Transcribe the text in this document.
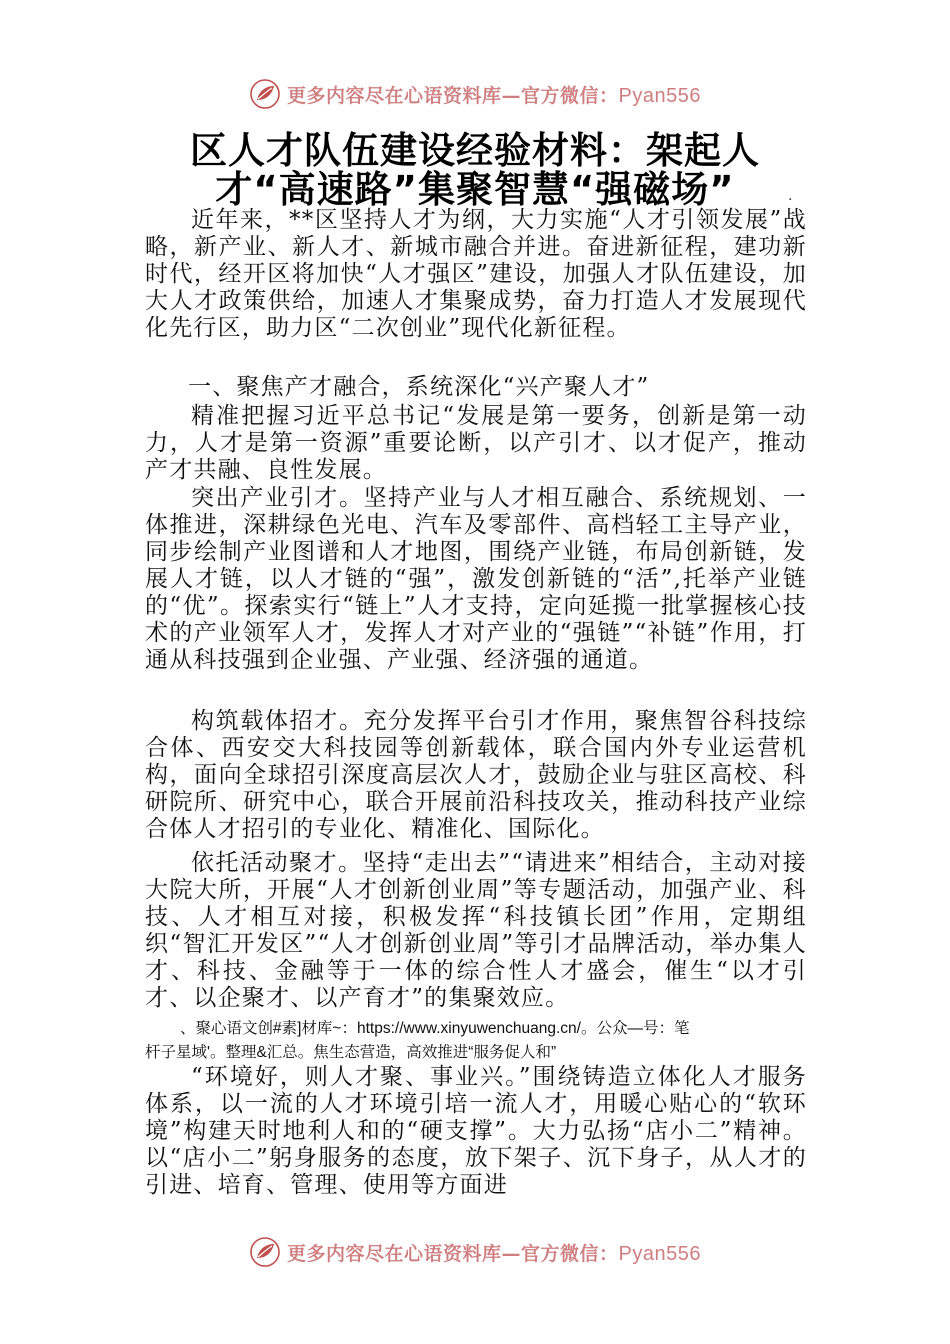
更多内容尽在心语资料库—官方微信：Pyan556
区人才队伍建设经验材料：架起人
才“高速路”集聚智慧“强磁场”	.

近年来，**区坚持人才为纲，大力实施“人才引领发展”战略，新产业、新人才、新城市融合并进。奋进新征程，建功新时代，经开区将加快“人才强区”建设，加强人才队伍建设，加大人才政策供给，加速人才集聚成势，奋力打造人才发展现代化先行区，助力区“二次创业”现代化新征程。

一、聚焦产才融合，系统深化“兴产聚人才”

精准把握习近平总书记“发展是第一要务，创新是第一动力，人才是第一资源”重要论断，以产引才、以才促产，推动产才共融、良性发展。

突出产业引才。坚持产业与人才相互融合、系统规划、一体推进，深耕绿色光电、汽车及零部件、高档轻工主导产业，同步绘制产业图谱和人才地图，围绕产业链，布局创新链，发展人才链，以人才链的“强”，激发创新链的“活”,托举产业链的“优”。探索实行“链上”人才支持，定向延揽一批掌握核心技术的产业领军人才，发挥人才对产业的“强链”“补链”作用，打通从科技强到企业强、产业强、经济强的通道。

构筑载体招才。充分发挥平台引才作用，聚焦智谷科技综合体、西安交大科技园等创新载体，联合国内外专业运营机构，面向全球招引深度高层次人才，鼓励企业与驻区高校、科研院所、研究中心，联合开展前沿科技攻关，推动科技产业综合体人才招引的专业化、精准化、国际化。

依托活动聚才。坚持“走出去”“请进来”相结合，主动对接大院大所，开展“人才创新创业周”等专题活动，加强产业、科技、人才相互对接，积极发挥“科技镇长团”作用，定期组织“智汇开发区”“人才创新创业周”等引才品牌活动，举办集人才、科技、金融等于一体的综合性人才盛会，催生“以才引才、以企聚才、以产育才”的集聚效应。

、聚心语文创#素]材库~：https://www.xinyuwenchuang.cn/。公众—号：笔

杆子星域'。整理&汇总。焦生态营造，高效推进“服务促人和”

“环境好，则人才聚、事业兴。”围绕铸造立体化人才服务体系，以一流的人才环境引培一流人才，用暖心贴心的“软环境”构建天时地利人和的“硬支撑”。大力弘扬“店小二”精神。以“店小二”躬身服务的态度，放下架子、沉下身子，从人才的引进、培育、管理、使用等方面进

更多内容尽在心语资料库—官方微信：Pyan556
